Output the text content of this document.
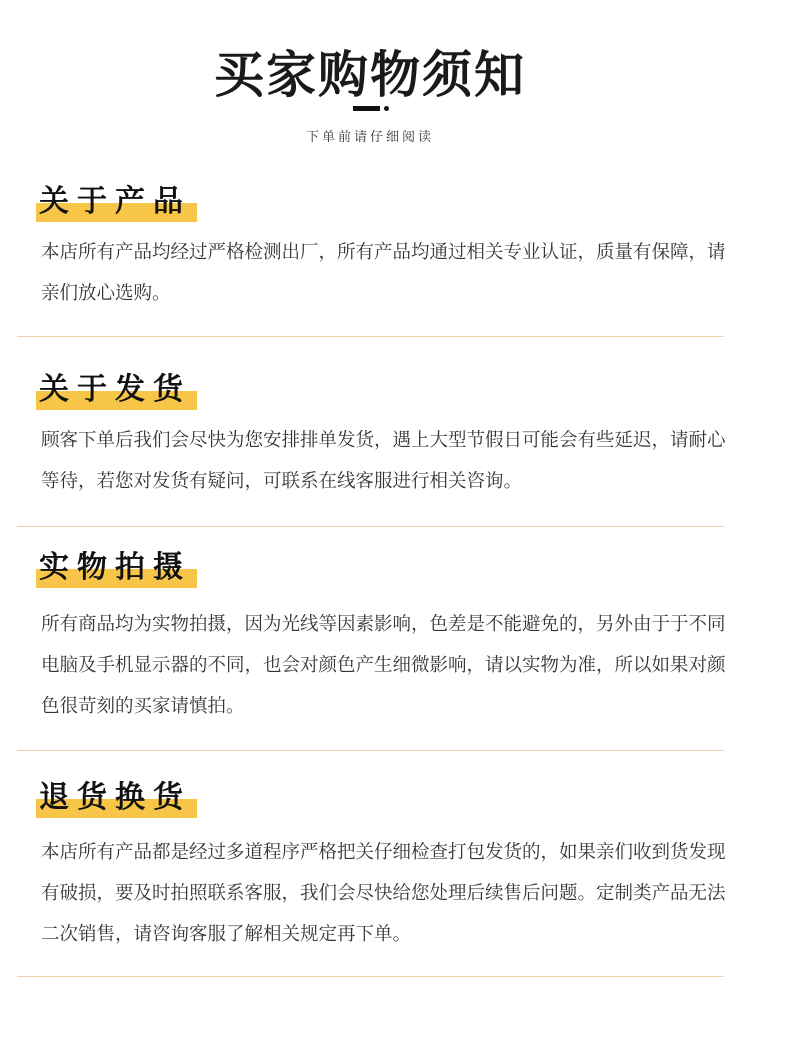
买家购物须知
下单前请仔细阅读
关于产品

本店所有产品均经过严格检测出厂，所有产品均通过相关专业认证，质量有保障，请亲们放心选购。

关于发货

顾客下单后我们会尽快为您安排排单发货，遇上大型节假日可能会有些延迟，请耐心等待，若您对发货有疑问，可联系在线客服进行相关咨询。

实物拍摄

所有商品均为实物拍摄，因为光线等因素影响，色差是不能避免的，另外由于于不同电脑及手机显示器的不同，也会对颜色产生细微影响，请以实物为准，所以如果对颜色很苛刻的买家请慎拍。

退货换货

本店所有产品都是经过多道程序严格把关仔细检查打包发货的，如果亲们收到货发现有破损，要及时拍照联系客服，我们会尽快给您处理后续售后问题。定制类产品无法二次销售，请咨询客服了解相关规定再下单。
